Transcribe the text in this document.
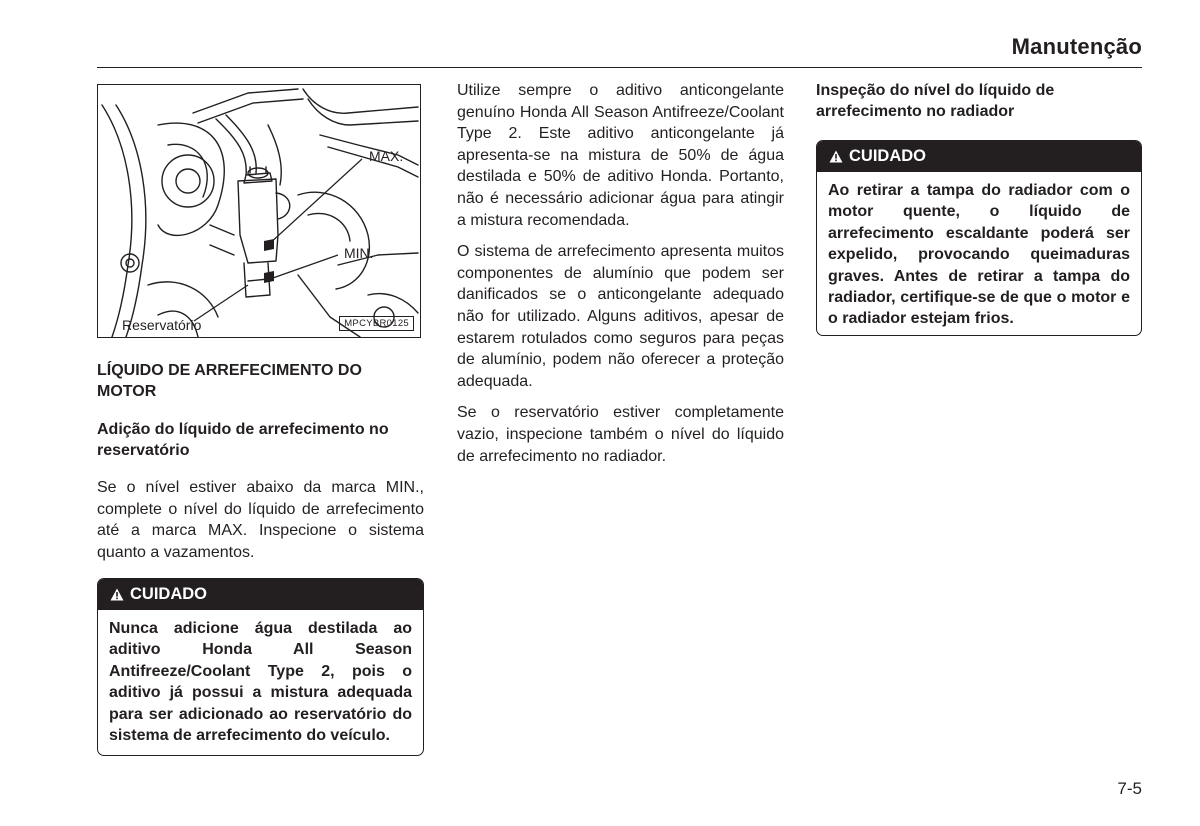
Manutenção
MAX.
MIN.
Reservatório	MPCYBR0125

LÍQUIDO DE ARREFECIMENTO DO MOTOR

Adição do líquido de arrefecimento no reservatório

Se o nível estiver abaixo da marca MIN., complete o nível do líquido de arrefecimento até a marca MAX. Inspecione o sistema quanto a vazamentos.

CUIDADO
Nunca adicione água destilada ao aditivo Honda All Season Antifreeze/Coolant Type 2, pois o aditivo já possui a mistura adequada para ser adicionado ao reservatório do sistema de arrefecimento do veículo.

Utilize sempre o aditivo anticongelante genuíno Honda All Season Antifreeze/Coolant Type 2. Este aditivo anticongelante já apresenta-se na mistura de 50% de água destilada e 50% de aditivo Honda. Portanto, não é necessário adicionar água para atingir a mistura recomendada.

O sistema de arrefecimento apresenta muitos componentes de alumínio que podem ser danificados se o anticongelante adequado não for utilizado. Alguns aditivos, apesar de estarem rotulados como seguros para peças de alumínio, podem não oferecer a proteção adequada.

Se o reservatório estiver completamente vazio, inspecione também o nível do líquido de arrefecimento no radiador.

Inspeção do nível do líquido de arrefecimento no radiador

CUIDADO
Ao retirar a tampa do radiador com o motor quente, o líquido de arrefecimento escaldante poderá ser expelido, provocando queimaduras graves. Antes de retirar a tampa do radiador, certifique-se de que o motor e o radiador estejam frios.
7-5
